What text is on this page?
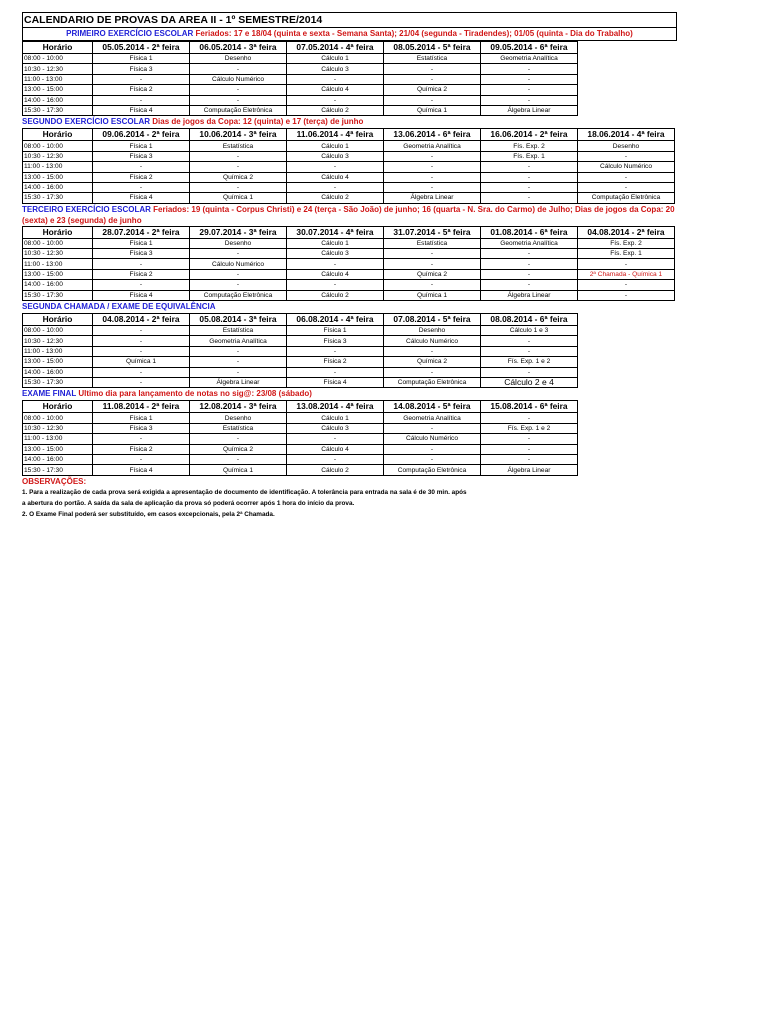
CALENDARIO DE PROVAS DA AREA II - 1º SEMESTRE/2014
PRIMEIRO EXERCÍCIO ESCOLAR Feriados: 17 e 18/04 (quinta e sexta - Semana Santa); 21/04 (segunda - Tiradendes); 01/05 (quinta - Dia do Trabalho)
Horário	05.05.2014 - 2ª feira	06.05.2014 - 3ª feira	07.05.2014 - 4ª feira	08.05.2014 - 5ª feira	09.05.2014 - 6ª feira
08:00 - 10:00	Física 1	Desenho	Cálculo 1	Estatística	Geometria Analítica
10:30 - 12:30	Física 3	-	Cálculo 3	-	-
11:00 - 13:00	-	Cálculo Numérico	-	-	-
13:00 - 15:00	Física 2	-	Cálculo 4	Química 2	-
14:00 - 16:00	-	-	-	-	-
15:30 - 17:30	Física 4	Computação Eletrônica	Cálculo 2	Química 1	Álgebra Linear
SEGUNDO EXERCÍCIO ESCOLAR Dias de jogos da Copa: 12 (quinta) e 17 (terça) de junho
Horário	09.06.2014 - 2ª feira	10.06.2014 - 3ª feira	11.06.2014 - 4ª feira	13.06.2014 - 6ª feira	16.06.2014 - 2ª feira	18.06.2014 - 4ª feira
08:00 - 10:00	Física 1	Estatística	Cálculo 1	Geometria Analítica	Fís. Exp. 2	Desenho
10:30 - 12:30	Física 3	-	Cálculo 3	-	Fís. Exp. 1	-
11:00 - 13:00	-	-	-	-	-	Cálculo Numérico
13:00 - 15:00	Física 2	Química 2	Cálculo 4	-	-	-
14:00 - 16:00	-	-	-	-	-	-
15:30 - 17:30	Física 4	Química 1	Cálculo 2	Álgebra Linear	-	Computação Eletrônica
TERCEIRO EXERCÍCIO ESCOLAR Feriados: 19 (quinta - Corpus Christi) e 24 (terça - São João) de junho; 16 (quarta - N. Sra. do Carmo) de Julho; Dias de jogos da Copa: 20 (sexta) e 23 (segunda) de junho
Horário	28.07.2014 - 2ª feira	29.07.2014 - 3ª feira	30.07.2014 - 4ª feira	31.07.2014 - 5ª feira	01.08.2014 - 6ª feira	04.08.2014 - 2ª feira
08:00 - 10:00	Física 1	Desenho	Cálculo 1	Estatística	Geometria Analítica	Fís. Exp. 2
10:30 - 12:30	Física 3	-	Cálculo 3	-	-	Fís. Exp. 1
11:00 - 13:00	-	Cálculo Numérico	-	-	-	-
13:00 - 15:00	Física 2	-	Cálculo 4	Química 2	-	2ª Chamada - Química 1
14:00 - 16:00	-	-	-	-	-	-
15:30 - 17:30	Física 4	Computação Eletrônica	Cálculo 2	Química 1	Álgebra Linear	-
SEGUNDA CHAMADA / EXAME DE EQUIVALÊNCIA
Horário	04.08.2014 - 2ª feira	05.08.2014 - 3ª feira	06.08.2014 - 4ª feira	07.08.2014 - 5ª feira	08.08.2014 - 6ª feira
08:00 - 10:00	-	Estatística	Física 1	Desenho	Cálculo 1 e 3
10:30 - 12:30	-	Geometria Analítica	Física 3	Cálculo Numérico	-
11:00 - 13:00	-	-	-	-	-
13:00 - 15:00	Química 1	-	Física 2	Química 2	Fís. Exp. 1 e 2
14:00 - 16:00	-	-	-	-	-
15:30 - 17:30	-	Álgebra Linear	Física 4	Computação Eletrônica	Cálculo 2 e 4
EXAME FINAL Ultimo dia para lançamento de notas no sig@: 23/08 (sábado)
Horário	11.08.2014 - 2ª feira	12.08.2014 - 3ª feira	13.08.2014 - 4ª feira	14.08.2014 - 5ª feira	15.08.2014 - 6ª feira
08:00 - 10:00	Física 1	Desenho	Cálculo 1	Geometria Analítica	-
10:30 - 12:30	Física 3	Estatística	Cálculo 3	-	Fís. Exp. 1 e 2
11:00 - 13:00	-	-	-	Cálculo Numérico	-
13:00 - 15:00	Física 2	Química 2	Cálculo 4	-	-
14:00 - 16:00	-	-	-	-	-
15:30 - 17:30	Física 4	Química 1	Cálculo 2	Computação Eletrônica	Álgebra Linear
OBSERVAÇÕES:
1. Para a realização de cada prova será exigida a apresentação de documento de identificação. A tolerância para entrada na sala é de 30 min. após
a abertura do portão. A saída da sala de aplicação da prova só poderá ocorrer após 1 hora do início da prova.
2. O Exame Final poderá ser substituído, em casos excepcionais, pela 2ª Chamada.
